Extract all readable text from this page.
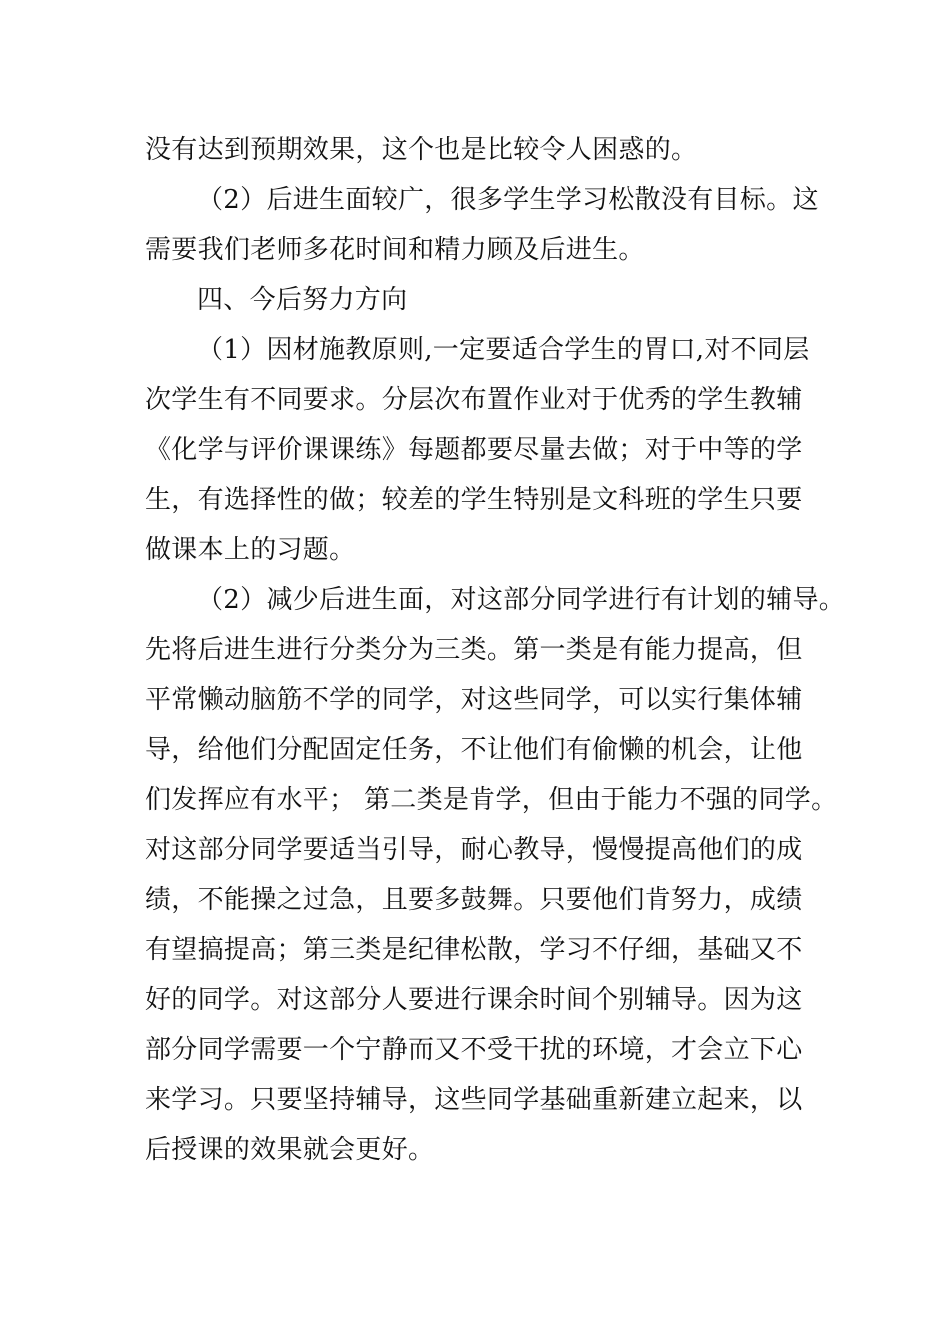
没有达到预期效果，这个也是比较令人困惑的。
（2）后进生面较广，很多学生学习松散没有目标。这
需要我们老师多花时间和精力顾及后进生。
四、今后努力方向
（1）因材施教原则,一定要适合学生的胃口,对不同层
次学生有不同要求。分层次布置作业对于优秀的学生教辅
《化学与评价课课练》每题都要尽量去做；对于中等的学
生，有选择性的做；较差的学生特别是文科班的学生只要
做课本上的习题。
（2）减少后进生面，对这部分同学进行有计划的辅导。
先将后进生进行分类分为三类。第一类是有能力提高，但
平常懒动脑筋不学的同学，对这些同学，可以实行集体辅
导，给他们分配固定任务，不让他们有偷懒的机会，让他
们发挥应有水平； 第二类是肯学，但由于能力不强的同学。
对这部分同学要适当引导，耐心教导，慢慢提高他们的成
绩，不能操之过急，且要多鼓舞。只要他们肯努力，成绩
有望搞提高；第三类是纪律松散，学习不仔细，基础又不
好的同学。对这部分人要进行课余时间个别辅导。因为这
部分同学需要一个宁静而又不受干扰的环境，才会立下心
来学习。只要坚持辅导，这些同学基础重新建立起来，以
后授课的效果就会更好。
